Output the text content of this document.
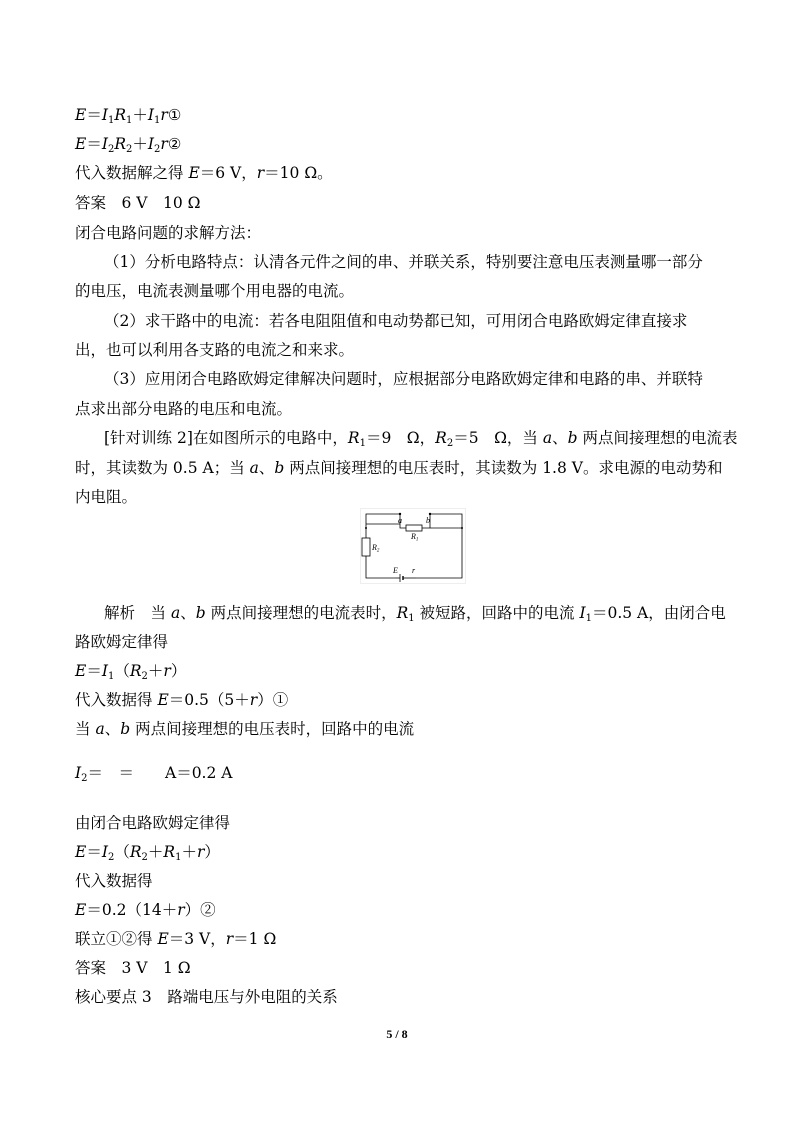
$E=I_1R_1+I_1r①$
$E=I_2R_2+I_2r②$
代入数据解之得 E＝6 V，r＝10 Ω。
答案　6 V　10 Ω
闭合电路问题的求解方法：
（1）分析电路特点：认清各元件之间的串、并联关系，特别要注意电压表测量哪一部分
的电压，电流表测量哪个用电器的电流。
（2）求干路中的电流：若各电阻阻值和电动势都已知，可用闭合电路欧姆定律直接求
出，也可以利用各支路的电流之和来求。
（3）应用闭合电路欧姆定律解决问题时，应根据部分电路欧姆定律和电路的串、并联特
点求出部分电路的电压和电流。
[针对训练 2]在如图所示的电路中，$R_1=9$　Ω，$R_2=5$　Ω，当 a、b 两点间接理想的电流表
时，其读数为 0.5 A；当 a、b 两点间接理想的电压表时，其读数为 1.8 V。求电源的电动势和
内电阻。
a	b
R1
R2
E r
解析　当 a、b 两点间接理想的电流表时，$R_1$ 被短路，回路中的电流 $I_1=0.5$ A，由闭合电
路欧姆定律得
$E=I_1(R_2+r)$
代入数据得 E＝0.5（5＋r）①
当 a、b 两点间接理想的电压表时，回路中的电流
$I_2=$　＝　　A＝0.2 A
由闭合电路欧姆定律得
$E=I_2(R_2+R_1+r)$
代入数据得
E＝0.2（14＋r）②
联立①②得 E＝3 V，r＝1 Ω
答案　3 V　1 Ω
核心要点 3　路端电压与外电阻的关系
5 / 8
